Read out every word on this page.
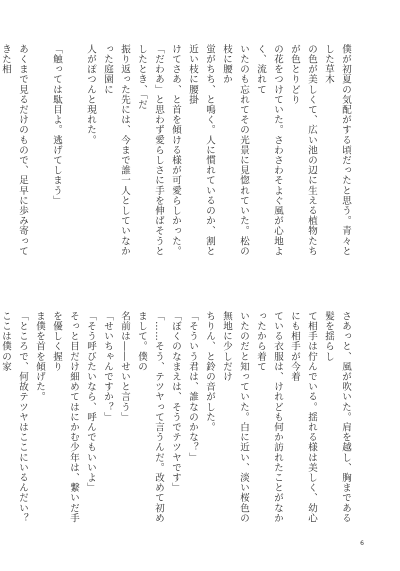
僕が初夏の気配がする頃だったと思う。青々とした草木

の色が美しくて、広い池の辺に生える植物たちが色とりどり

の花をつけていた。さわさわそよぐ風が心地よく、流れて

いたのも忘れてその光景に見惚れていた。松の枝に腰か

蛍がちち、と鳴く。人に慣れているのか、割と近い枝に腰掛

けてさあ、と首を傾ける様が可愛らしかった。

「だわあ」と思わず愛らしさに手を伸ばそうとしたとき、「だ

振り返った先には、今まで誰一人としていなかった庭園に

人がぽつんと現れた。

「触っては駄目よ。逃げてしまう」

あくまで見るだけのもので、足早に歩み寄ってきた相

さあっと、風が吹いた。肩を越し、胸まである髪を揺らし

て相手は佇んでいる。揺れる様は美しく、幼心にも相手が今着

ている衣服は、けれども何か訪れたことがなかったから着て

いたのだと知っていた。白に近い、淡い桜色の無地に少しだけ

ちりん、と鈴の音がした。

「そういう君は、誰なのかな？」

「ぼくのなまえは、そうでテツヤです」

「……そう、テツヤって言うんだ。改めて初めまして。僕の

名前は――せいと言う」

「せいちゃんですか？」

「そう呼びたいなら、呼んでもいいよ」

そっと目だけ細めてはにかむ少年は、繋いだ手を優しく握り

ま僕を首を傾げた。

「ところで、何故テツヤはここにいるんだい？ここは僕の家

6
